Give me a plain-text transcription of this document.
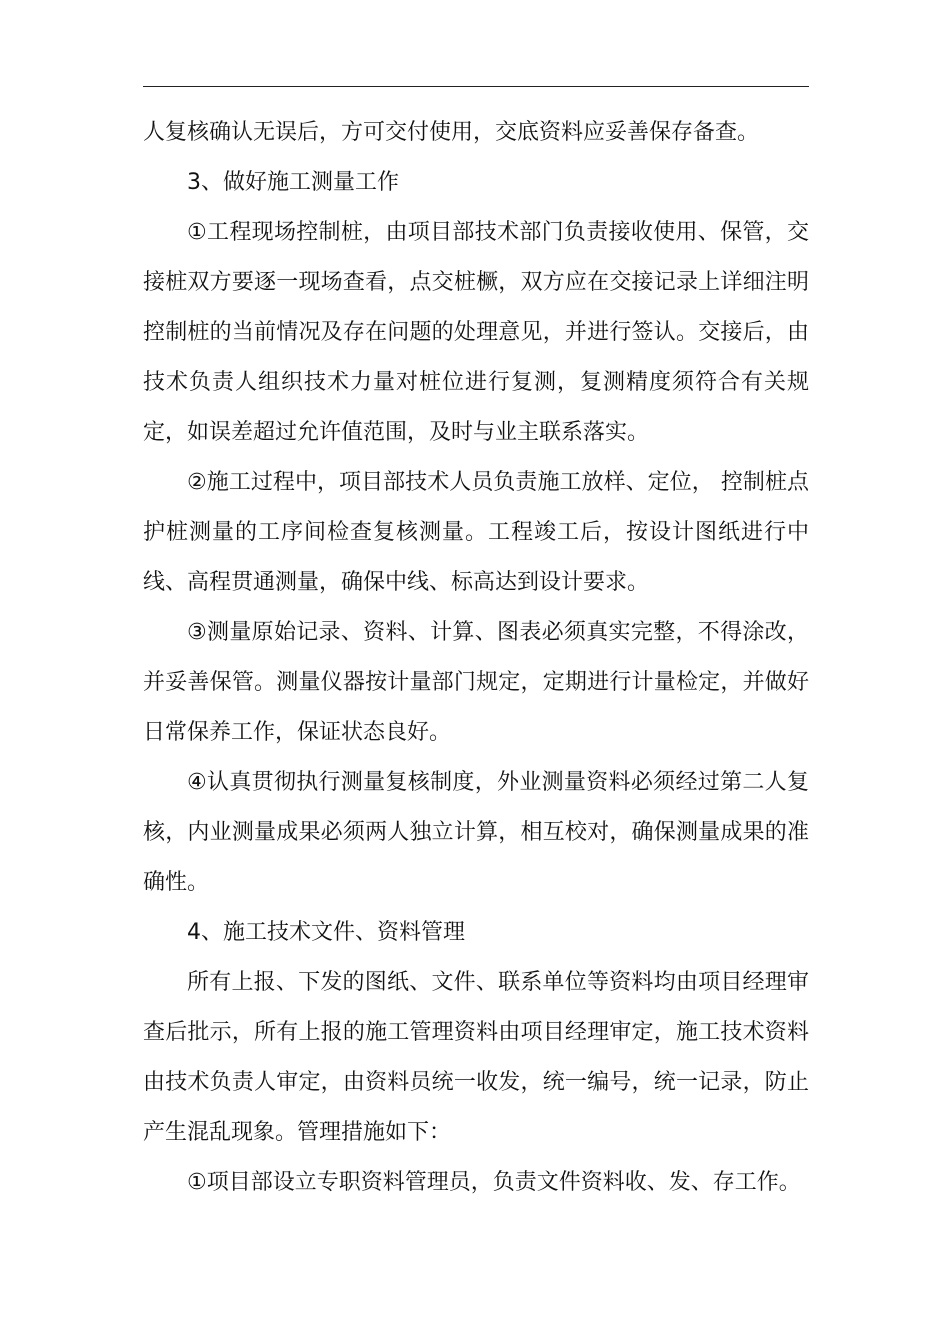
人复核确认无误后，方可交付使用，交底资料应妥善保存备查。

3、做好施工测量工作

①工程现场控制桩，由项目部技术部门负责接收使用、保管，交接桩双方要逐一现场查看，点交桩橛，双方应在交接记录上详细注明控制桩的当前情况及存在问题的处理意见，并进行签认。交接后，由技术负责人组织技术力量对桩位进行复测，复测精度须符合有关规定，如误差超过允许值范围，及时与业主联系落实。

②施工过程中，项目部技术人员负责施工放样、定位， 控制桩点护桩测量的工序间检查复核测量。工程竣工后，按设计图纸进行中线、高程贯通测量，确保中线、标高达到设计要求。

③测量原始记录、资料、计算、图表必须真实完整，不得涂改，并妥善保管。测量仪器按计量部门规定，定期进行计量检定，并做好日常保养工作，保证状态良好。

④认真贯彻执行测量复核制度，外业测量资料必须经过第二人复核，内业测量成果必须两人独立计算，相互校对，确保测量成果的准确性。

4、施工技术文件、资料管理

所有上报、下发的图纸、文件、联系单位等资料均由项目经理审查后批示，所有上报的施工管理资料由项目经理审定，施工技术资料由技术负责人审定，由资料员统一收发，统一编号，统一记录，防止产生混乱现象。管理措施如下：

①项目部设立专职资料管理员，负责文件资料收、发、存工作。
